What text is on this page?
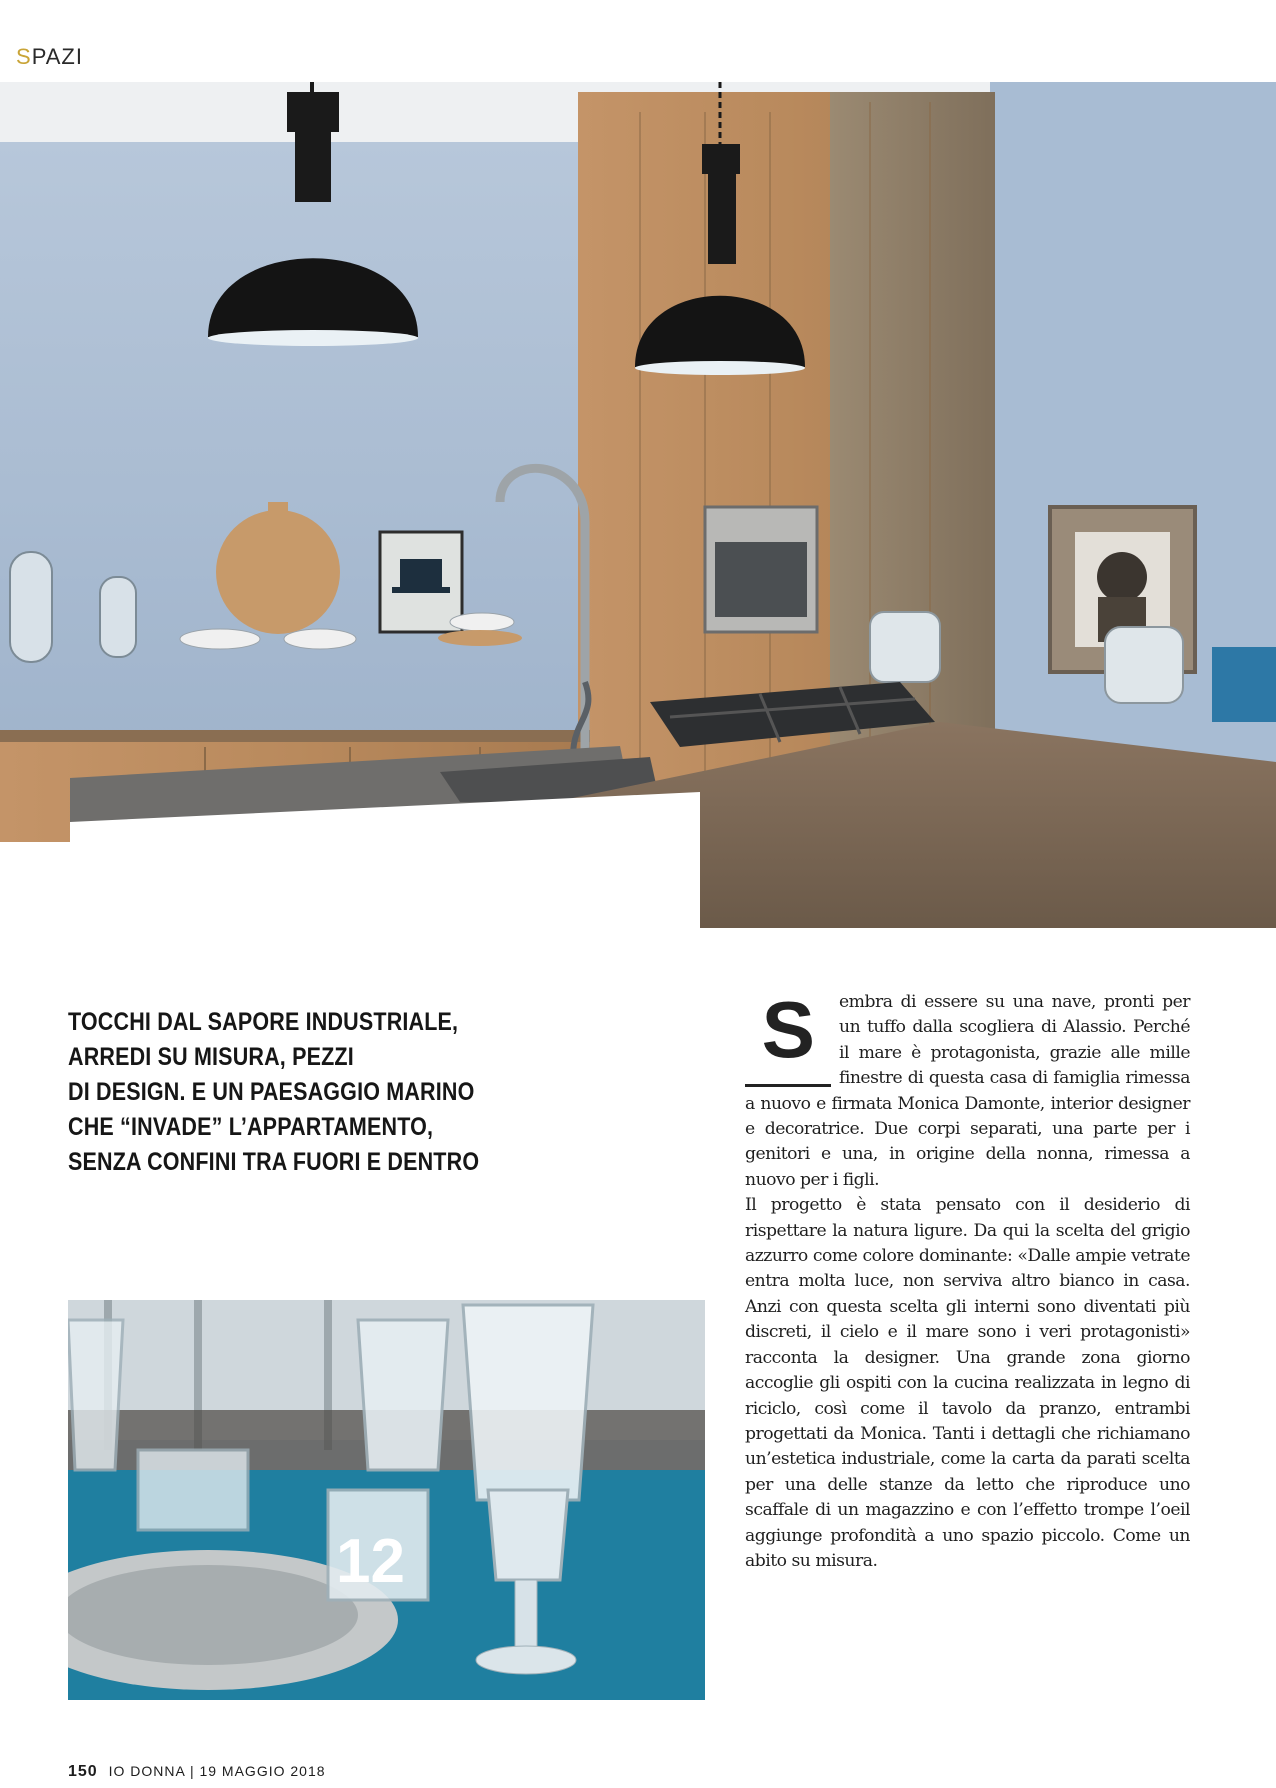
SPAZI
TOCCHI DAL SAPORE INDUSTRIALE,
ARREDI SU MISURA, PEZZI
DI DESIGN. E UN PAESAGGIO MARINO
CHE “INVADE” L’APPARTAMENTO,
SENZA CONFINI TRA FUORI E DENTRO
S	embra di essere su una nave, pronti per un tuffo dalla scogliera di Alassio. Perché il mare è protagonista, grazie alle mille finestre di questa casa di famiglia rimessa a nuovo e firmata Monica Damonte, interior designer e decoratrice. Due corpi separati, una parte per i genitori e una, in origine della nonna, rimessa a nuovo per i figli.

Il progetto è stata pensato con il desiderio di rispettare la natura ligure. Da qui la scelta del grigio azzurro come colore dominante: «Dalle ampie vetrate entra molta luce, non serviva altro bianco in casa. Anzi con questa scelta gli interni sono diventati più discreti, il cielo e il mare sono i veri protagonisti» racconta la designer. Una grande zona giorno accoglie gli ospiti con la cucina realizzata in legno di riciclo, così come il tavolo da pranzo, entrambi progettati da Monica. Tanti i dettagli che richiamano un’estetica industriale, come la carta da parati scelta per una delle stanze da letto che riproduce uno scaffale di un magazzino e con l’effetto trompe l’oeil aggiunge profondità a uno spazio piccolo. Come un abito su misura.

12
150 IO DONNA | 19 MAGGIO 2018
